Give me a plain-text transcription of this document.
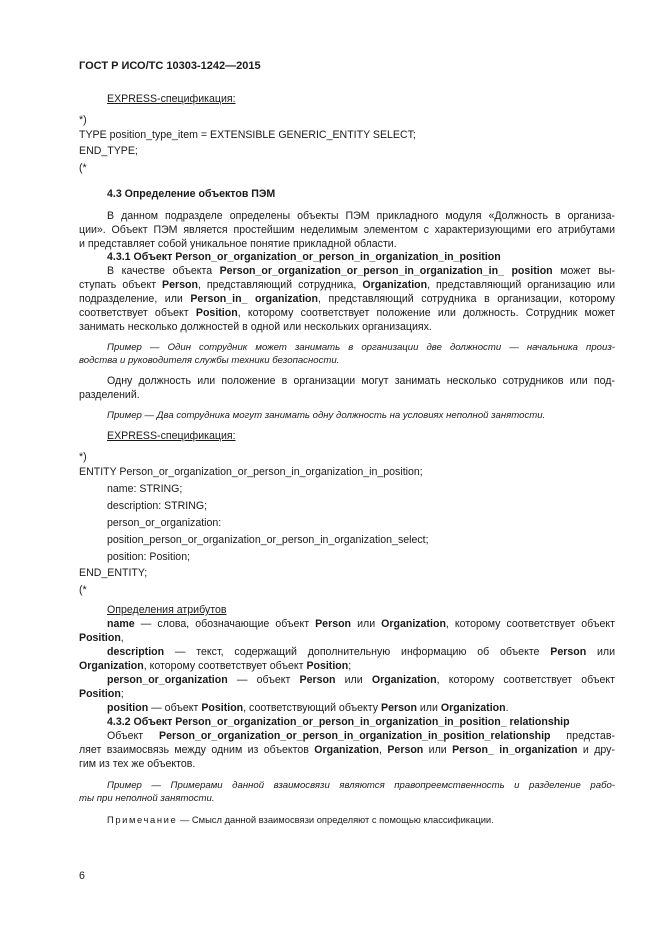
ГОСТ Р ИСО/ТС 10303-1242—2015
EXPRESS-спецификация:
*)
TYPE position_type_item = EXTENSIBLE GENERIC_ENTITY SELECT;
END_TYPE;
(*
4.3 Определение объектов ПЭМ
В данном подразделе определены объекты ПЭМ прикладного модуля «Должность в организа-
ции». Объект ПЭМ является простейшим неделимым элементом с характеризующими его атрибутами
и представляет собой уникальное понятие прикладной области.
4.3.1 Объект Person_or_organization_or_person_in_organization_in_position
В качестве объекта Person_or_organization_or_person_in_organization_in_ position может вы-
ступать объект Person, представляющий сотрудника, Organization, представляющий организацию или
подразделение, или Person_in_ organization, представляющий сотрудника в организации, которому
соответствует объект Position, которому соответствует положение или должность. Сотрудник может
занимать несколько должностей в одной или нескольких организациях.
Пример — Один сотрудник может занимать в организации две должности — начальника произ-
водства и руководителя службы техники безопасности.
Одну должность или положение в организации могут занимать несколько сотрудников или под-
разделений.
Пример — Два сотрудника могут занимать одну должность на условиях неполной занятости.
EXPRESS-спецификация:
*)
ENTITY Person_or_organization_or_person_in_organization_in_position;
name: STRING;
description: STRING;
person_or_organization:
position_person_or_organization_or_person_in_organization_select;
position: Position;
END_ENTITY;
(*
Определения атрибутов
name — слова, обозначающие объект Person или Organization, которому соответствует объект
Position,
description — текст, содержащий дополнительную информацию об объекте Person или
Organization, которому соответствует объект Position;
person_or_organization — объект Person или Organization, которому соответствует объект
Position;
position — объект Position, соответствующий объекту Person или Organization.
4.3.2 Объект Person_or_organization_or_person_in_organization_in_position_ relationship
Объект Person_or_organization_or_person_in_organization_in_position_relationship представ-
ляет взаимосвязь между одним из объектов Organization, Person или Person_ in_organization и дру-
гим из тех же объектов.
Пример — Примерами данной взаимосвязи являются правопреемственность и разделение рабо-
ты при неполной занятости.
Примечание — Смысл данной взаимосвязи определяют с помощью классификации.
6
